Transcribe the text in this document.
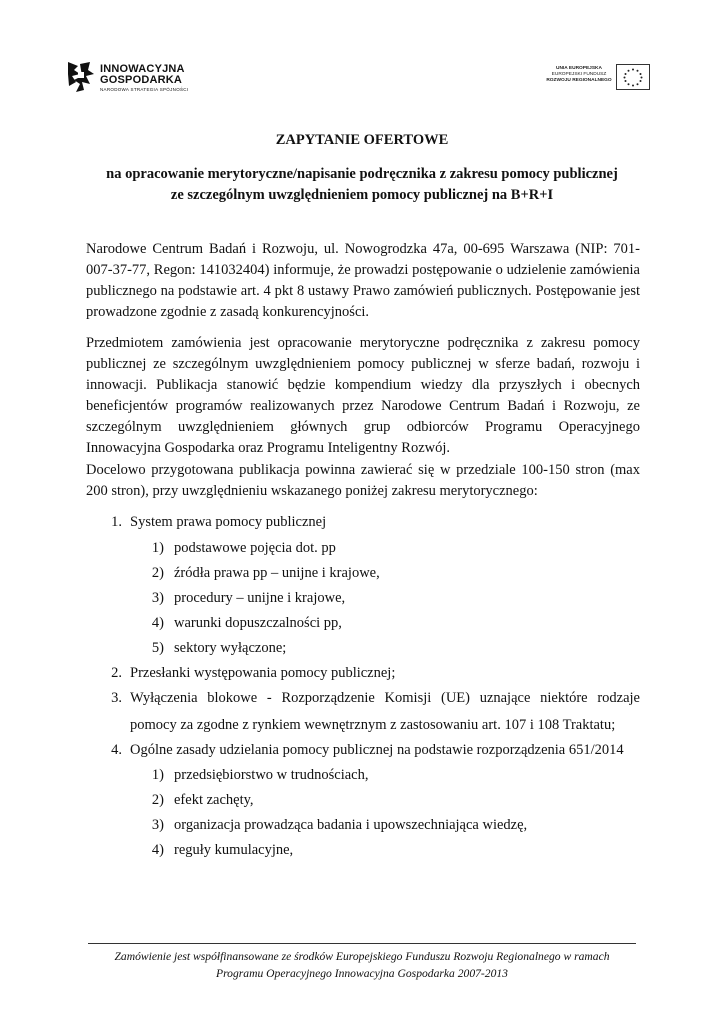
INNOWACYJNA
GOSPODARKA
NARODOWA STRATEGIA SPÓJNOŚCI
UNIA EUROPEJSKA
EUROPEJSKI FUNDUSZ
ROZWOJU REGIONALNEGO
ZAPYTANIE OFERTOWE
na opracowanie merytoryczne/napisanie podręcznika z zakresu pomocy publicznej
ze szczególnym uwzględnieniem pomocy publicznej na B+R+I
Narodowe Centrum Badań i Rozwoju, ul. Nowogrodzka 47a, 00-695 Warszawa (NIP: 701-007-37-77, Regon: 141032404) informuje, że prowadzi postępowanie o udzielenie zamówienia publicznego na podstawie art. 4 pkt 8 ustawy Prawo zamówień publicznych. Postępowanie jest prowadzone zgodnie z zasadą konkurencyjności.
Przedmiotem zamówienia jest opracowanie merytoryczne podręcznika z zakresu pomocy publicznej ze szczególnym uwzględnieniem pomocy publicznej w sferze badań, rozwoju i innowacji. Publikacja stanowić będzie kompendium wiedzy dla przyszłych i obecnych beneficjentów programów realizowanych przez Narodowe Centrum Badań i Rozwoju, ze szczególnym uwzględnieniem głównych grup odbiorców Programu Operacyjnego Innowacyjna Gospodarka oraz Programu Inteligentny Rozwój.
Docelowo przygotowana publikacja powinna zawierać się w przedziale 100-150 stron (max 200 stron), przy uwzględnieniu wskazanego poniżej zakresu merytorycznego:
1. System prawa pomocy publicznej
1) podstawowe pojęcia dot. pp
2) źródła prawa pp – unijne i krajowe,
3) procedury – unijne i krajowe,
4) warunki dopuszczalności pp,
5) sektory wyłączone;
2. Przesłanki występowania pomocy publicznej;
3. Wyłączenia blokowe - Rozporządzenie Komisji (UE) uznające niektóre rodzaje pomocy za zgodne z rynkiem wewnętrznym z zastosowaniu art. 107 i 108 Traktatu;
4. Ogólne zasady udzielania pomocy publicznej na podstawie rozporządzenia 651/2014
1) przedsiębiorstwo w trudnościach,
2) efekt zachęty,
3) organizacja prowadząca badania i upowszechniająca wiedzę,
4) reguły kumulacyjne,
Zamówienie jest współfinansowane ze środków Europejskiego Funduszu Rozwoju Regionalnego w ramach
Programu Operacyjnego Innowacyjna Gospodarka 2007-2013
